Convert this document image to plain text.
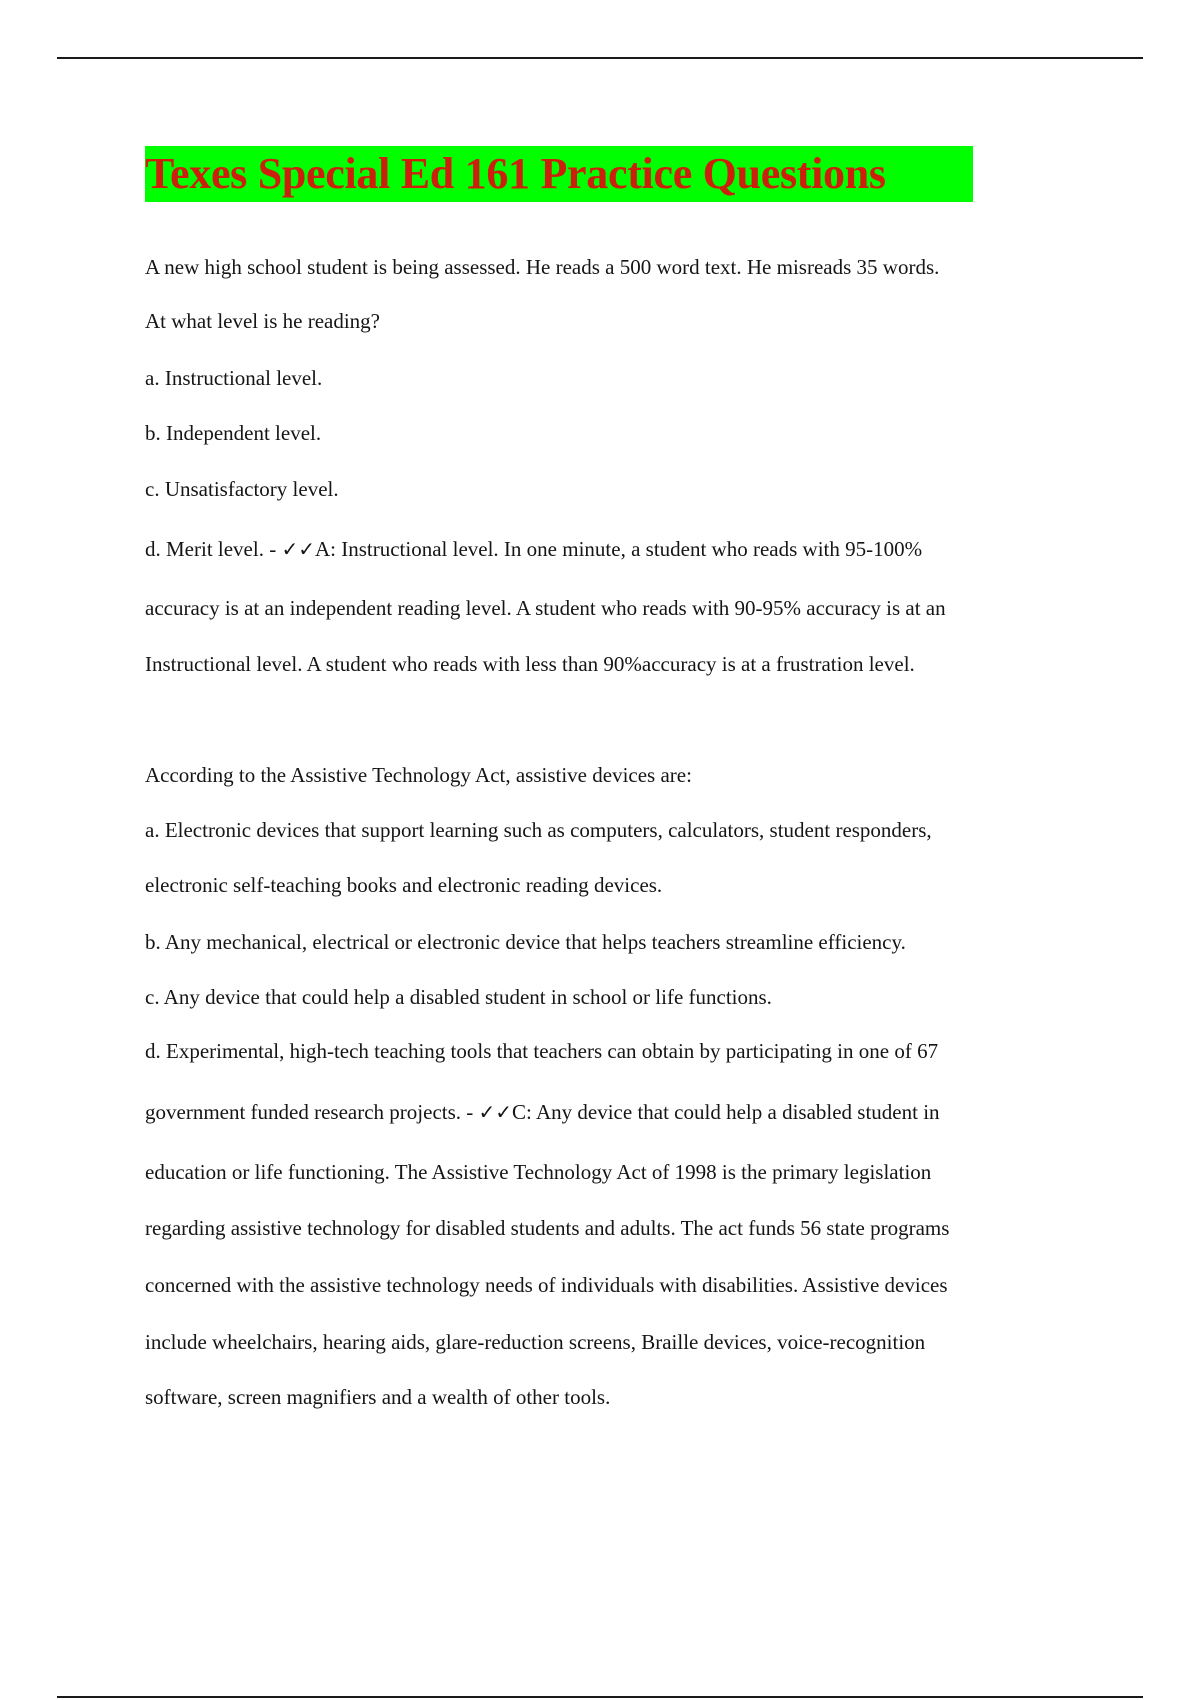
Texes Special Ed 161 Practice Questions
A new high school student is being assessed. He reads a 500 word text. He misreads 35 words.
At what level is he reading?
a. Instructional level.
b. Independent level.
c. Unsatisfactory level.
d. Merit level. - ✓✓A: Instructional level. In one minute, a student who reads with 95-100%
accuracy is at an independent reading level. A student who reads with 90-95% accuracy is at an
Instructional level. A student who reads with less than 90%accuracy is at a frustration level.
According to the Assistive Technology Act, assistive devices are:
a. Electronic devices that support learning such as computers, calculators, student responders,
electronic self-teaching books and electronic reading devices.
b. Any mechanical, electrical or electronic device that helps teachers streamline efficiency.
c. Any device that could help a disabled student in school or life functions.
d. Experimental, high-tech teaching tools that teachers can obtain by participating in one of 67
government funded research projects. - ✓✓C: Any device that could help a disabled student in
education or life functioning. The Assistive Technology Act of 1998 is the primary legislation
regarding assistive technology for disabled students and adults. The act funds 56 state programs
concerned with the assistive technology needs of individuals with disabilities. Assistive devices
include wheelchairs, hearing aids, glare-reduction screens, Braille devices, voice-recognition
software, screen magnifiers and a wealth of other tools.
